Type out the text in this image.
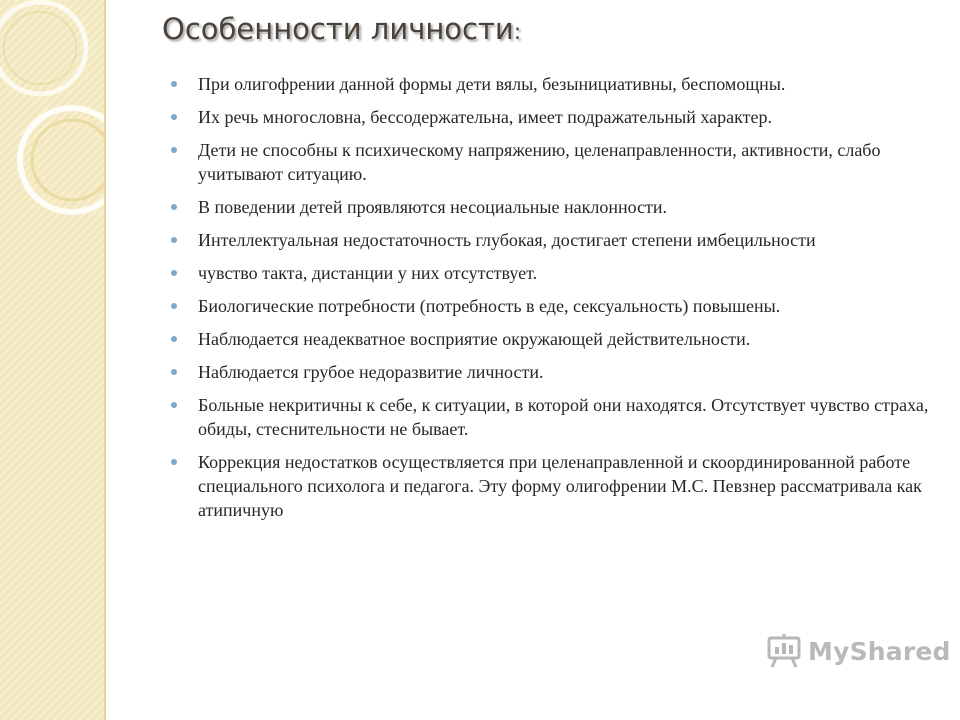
Особенности личности:
При олигофрении данной формы дети вялы, безынициативны, беспомощны.
Их речь многословна, бессодержательна, имеет подражательный характер.
Дети не способны к психическому напряжению, целенаправленности, активности, слабо учитывают ситуацию.
В поведении детей проявляются несоциальные наклонности.
Интеллектуальная недостаточность глубокая, достигает степени имбецильности
чувство такта, дистанции у них отсутствует.
Биологические потребности (потребность в еде, сексуальность) повышены.
Наблюдается неадекватное восприятие окружающей действительности.
Наблюдается грубое недоразвитие личности.
Больные некритичны к себе, к ситуации, в которой они находятся. Отсутствует чувство страха, обиды, стеснительности не бывает.
Коррекция недостатков осуществляется при целенаправленной и скоординированной работе специального психолога и педагога. Эту форму олигофрении М.С. Певзнер рассматривала как атипичную
MyShared
